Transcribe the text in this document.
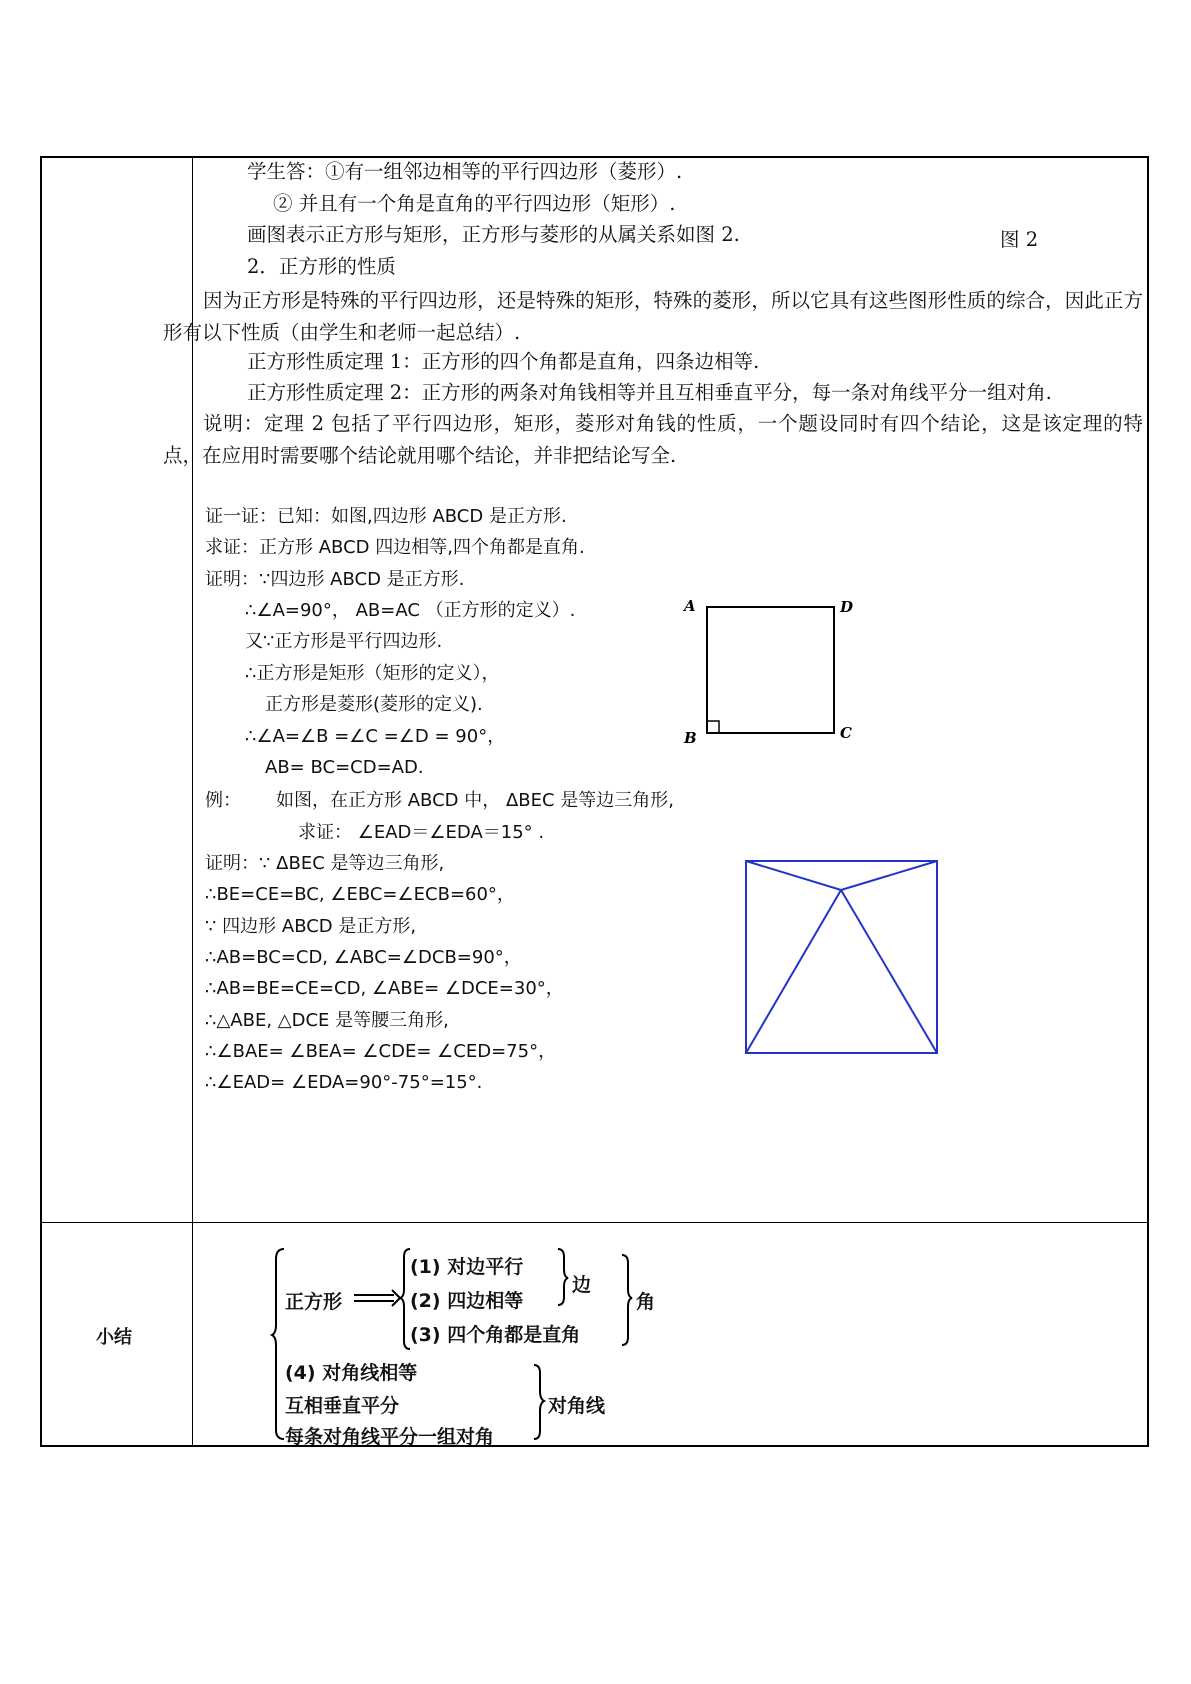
学生答：①有一组邻边相等的平行四边形（菱形）.
② 并且有一个角是直角的平行四边形（矩形）.
画图表示正方形与矩形，正方形与菱形的从属关系如图 2.	图 2
2．正方形的性质
因为正方形是特殊的平行四边形，还是特殊的矩形，特殊的菱形，所以它具有这些图形性质的综合，因此正方形有以下性质（由学生和老师一起总结）.
正方形性质定理 1：正方形的四个角都是直角，四条边相等.
正方形性质定理 2：正方形的两条对角钱相等并且互相垂直平分，每一条对角线平分一组对角.
说明：定理 2 包括了平行四边形，矩形，菱形对角钱的性质，一个题设同时有四个结论，这是该定理的特点，在应用时需要哪个结论就用哪个结论，并非把结论写全.
证一证：已知：如图,四边形 ABCD 是正方形.
求证：正方形 ABCD 四边相等,四个角都是直角.
证明：∵四边形 ABCD 是正方形.
∴∠A=90°， AB=AC （正方形的定义）.
又∵正方形是平行四边形.
∴正方形是矩形（矩形的定义），
正方形是菱形(菱形的定义).
∴∠A=∠B =∠C =∠D = 90°，
AB= BC=CD=AD.
A	D
B	C
例： 如图，在正方形 ABCD 中， ΔBEC 是等边三角形,
求证： ∠EAD＝∠EDA＝15° .
证明：∵ ΔBEC 是等边三角形,
∴BE=CE=BC, ∠EBC=∠ECB=60°，
∵ 四边形 ABCD 是正方形,
∴AB=BC=CD, ∠ABC=∠DCB=90°，
∴AB=BE=CE=CD, ∠ABE= ∠DCE=30°，
∴△ABE, △DCE 是等腰三角形,
∴∠BAE= ∠BEA= ∠CDE= ∠CED=75°，
∴∠EAD= ∠EDA=90°-75°=15°.
小结
正方形
(1) 对边平行
(2) 四边相等
边
(3) 四个角都是直角
角
(4) 对角线相等
互相垂直平分
每条对角线平分一组对角
对角线
